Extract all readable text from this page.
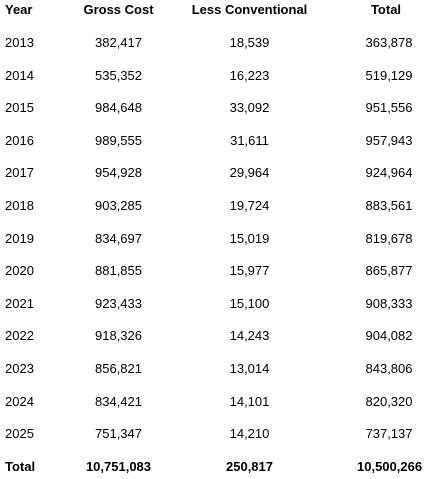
Year	Gross Cost	Less Conventional	Total
2013	382,417	18,539	363,878
2014	535,352	16,223	519,129
2015	984,648	33,092	951,556
2016	989,555	31,611	957,943
2017	954,928	29,964	924,964
2018	903,285	19,724	883,561
2019	834,697	15,019	819,678
2020	881,855	15,977	865,877
2021	923,433	15,100	908,333
2022	918,326	14,243	904,082
2023	856,821	13,014	843,806
2024	834,421	14,101	820,320
2025	751,347	14,210	737,137
Total	10,751,083	250,817	10,500,266
